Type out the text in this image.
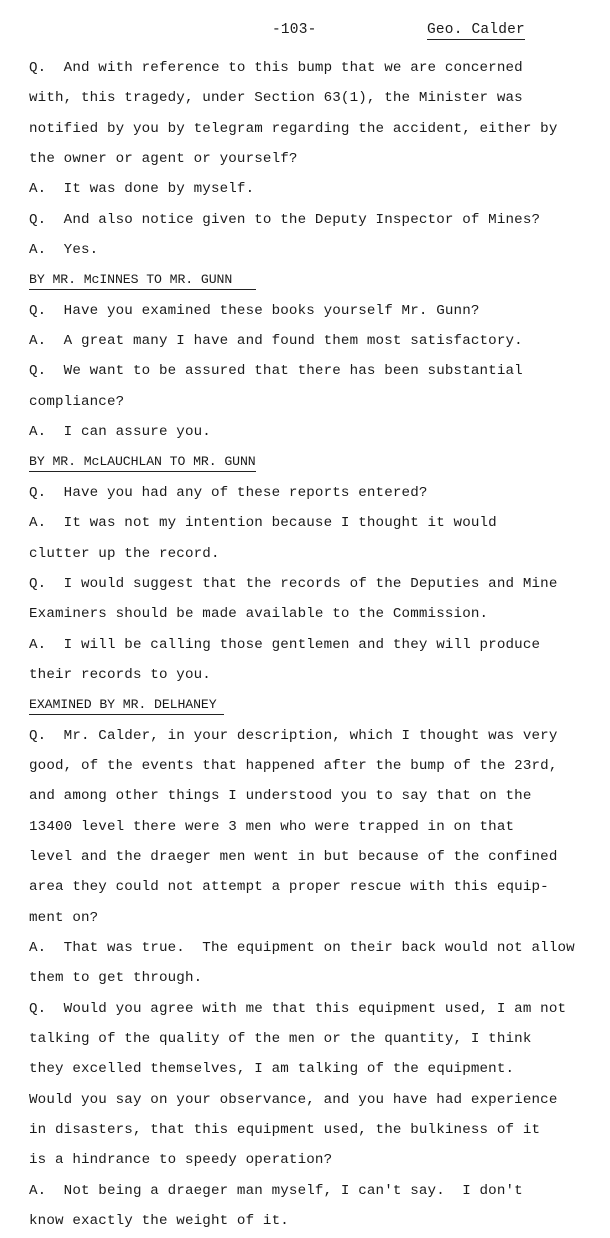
-103-	Geo. Calder
Q.  And with reference to this bump that we are concerned
with, this tragedy, under Section 63(1), the Minister was
notified by you by telegram regarding the accident, either by
the owner or agent or yourself?
A.  It was done by myself.
Q.  And also notice given to the Deputy Inspector of Mines?
A.  Yes.
BY MR. McINNES TO MR. GUNN
Q.  Have you examined these books yourself Mr. Gunn?
A.  A great many I have and found them most satisfactory.
Q.  We want to be assured that there has been substantial
compliance?
A.  I can assure you.
BY MR. McLAUCHLAN TO MR. GUNN
Q.  Have you had any of these reports entered?
A.  It was not my intention because I thought it would
clutter up the record.
Q.  I would suggest that the records of the Deputies and Mine
Examiners should be made available to the Commission.
A.  I will be calling those gentlemen and they will produce
their records to you.
EXAMINED BY MR. DELHANEY
Q.  Mr. Calder, in your description, which I thought was very
good, of the events that happened after the bump of the 23rd,
and among other things I understood you to say that on the
13400 level there were 3 men who were trapped in on that
level and the draeger men went in but because of the confined
area they could not attempt a proper rescue with this equip-
ment on?
A.  That was true.  The equipment on their back would not allow
them to get through.
Q.  Would you agree with me that this equipment used, I am not
talking of the quality of the men or the quantity, I think
they excelled themselves, I am talking of the equipment.
Would you say on your observance, and you have had experience
in disasters, that this equipment used, the bulkiness of it
is a hindrance to speedy operation?
A.  Not being a draeger man myself, I can't say.  I don't
know exactly the weight of it.
